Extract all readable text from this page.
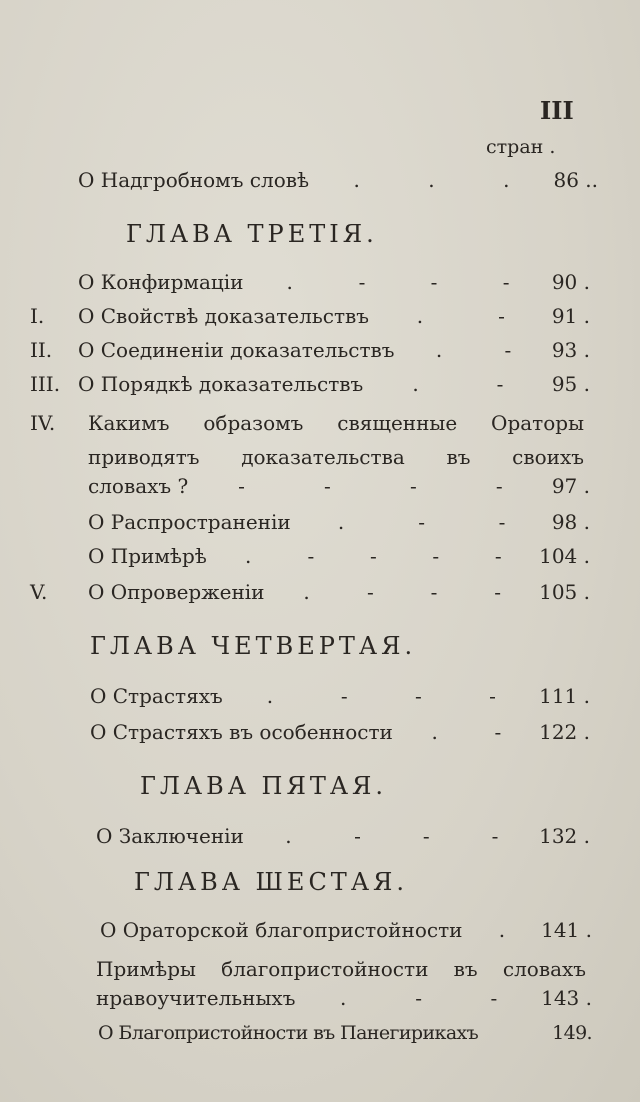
III
стран .
О Надгробномъ словѣ .	.	. 86 ..
ГЛАВА ТРЕТІЯ.
О Конфирмаціи .	-	-	- 90 .
I.	О Свойствѣ доказательствъ .	- 91 .
II.	О Соединеніи доказательствъ .	- 93 .
III. О Порядкѣ доказательствъ .	- 95 .
IV. Какимъ образомъ священные Ораторы
приводятъ доказательства въ своихъ
словахъ ? -	-	-	- 97 .
О Распространеніи .	-	- 98 .
О Примѣрѣ .	-	-	-	- 104 .
V.	О Опроверженіи .	-	-	- 105 .
ГЛАВА ЧЕТВЕРТАЯ.
О Страстяхъ .	-	-	- 111 .
О Страстяхъ въ особенности .	- 122 .
ГЛАВА ПЯТАЯ.
О Заключеніи .	-	-	- 132 .
ГЛАВА ШЕСТАЯ.
О Ораторской благопристойности . 141 .
Примѣры благопристойности въ словахъ
нравоучительныхъ .	-	- 143 .
О Благопристойности въ Панегирикахъ	149.
